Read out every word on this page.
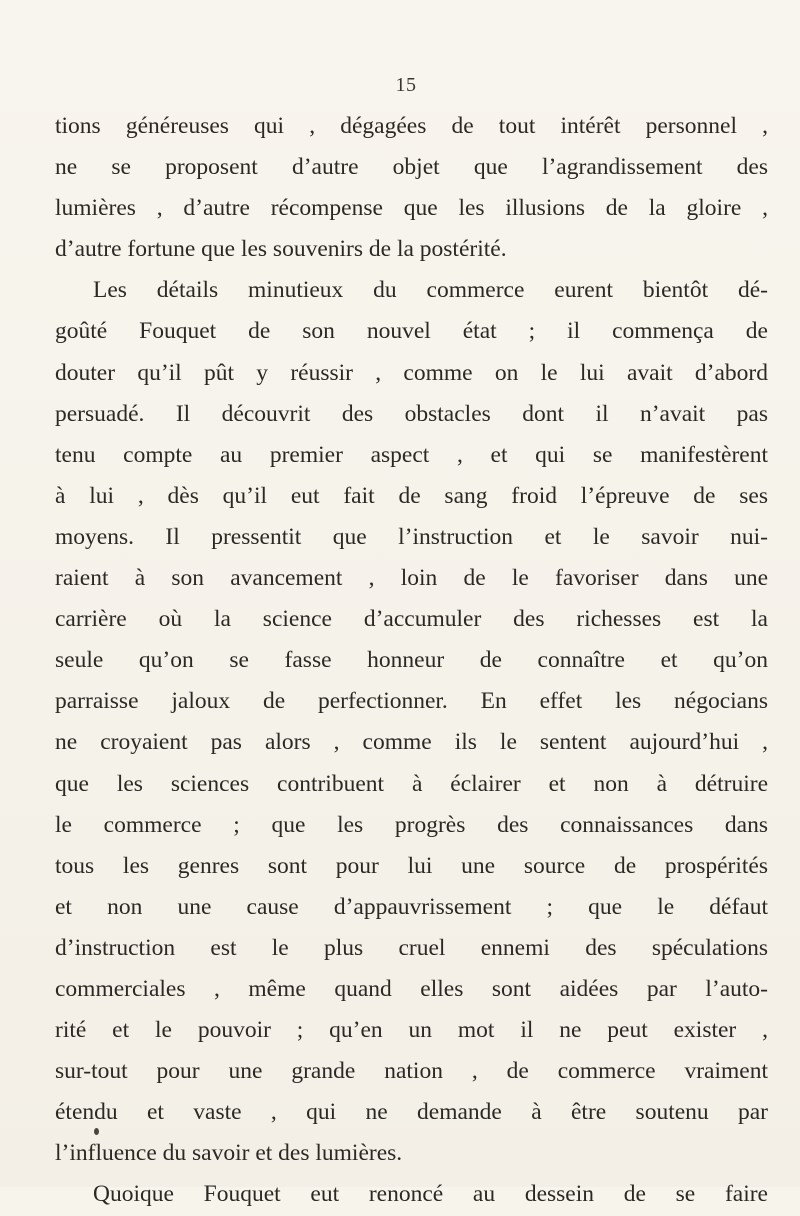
15
tions généreuses qui , dégagées de tout intérêt personnel ,
ne se proposent d’autre objet que l’agrandissement des
lumières , d’autre récompense que les illusions de la gloire ,
d’autre fortune que les souvenirs de la postérité.
Les détails minutieux du commerce eurent bientôt dé-
goûté Fouquet de son nouvel état ; il commença de
douter qu’il pût y réussir , comme on le lui avait d’abord
persuadé. Il découvrit des obstacles dont il n’avait pas
tenu compte au premier aspect , et qui se manifestèrent
à lui , dès qu’il eut fait de sang froid l’épreuve de ses
moyens. Il pressentit que l’instruction et le savoir nui-
raient à son avancement , loin de le favoriser dans une
carrière où la science d’accumuler des richesses est la
seule qu’on se fasse honneur de connaître et qu’on
parraisse jaloux de perfectionner. En effet les négocians
ne croyaient pas alors , comme ils le sentent aujourd’hui ,
que les sciences contribuent à éclairer et non à détruire
le commerce ; que les progrès des connaissances dans
tous les genres sont pour lui une source de prospérités
et non une cause d’appauvrissement ; que le défaut
d’instruction est le plus cruel ennemi des spéculations
commerciales , même quand elles sont aidées par l’auto-
rité et le pouvoir ; qu’en un mot il ne peut exister ,
sur-tout pour une grande nation , de commerce vraiment
étendu et vaste , qui ne demande à être soutenu par
l’influence du savoir et des lumières.
Quoique Fouquet eut renoncé au dessein de se faire
